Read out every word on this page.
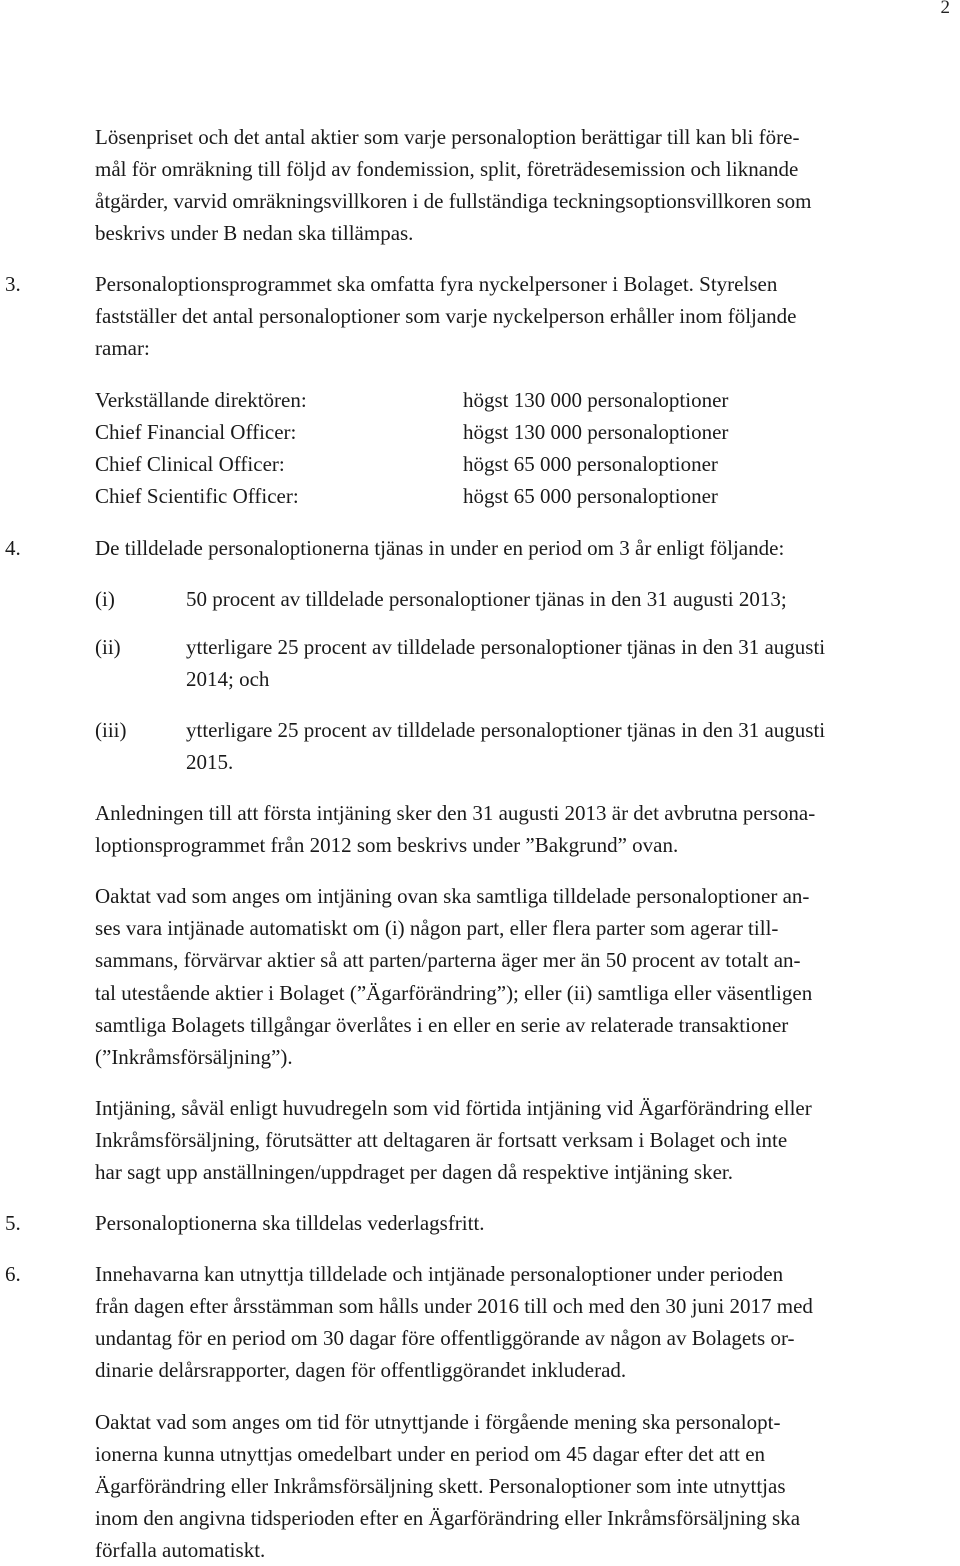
2
Lösenpriset och det antal aktier som varje personaloption berättigar till kan bli före-
mål för omräkning till följd av fondemission, split, företrädesemission och liknande
åtgärder, varvid omräkningsvillkoren i de fullständiga teckningsoptionsvillkoren som
beskrivs under B nedan ska tillämpas.
3.	Personaloptionsprogrammet ska omfatta fyra nyckelpersoner i Bolaget. Styrelsen
fastställer det antal personaloptioner som varje nyckelperson erhåller inom följande
ramar:
Verkställande direktören:	högst 130 000 personaloptioner
Chief Financial Officer:	högst 130 000 personaloptioner
Chief Clinical Officer:	högst 65 000 personaloptioner
Chief Scientific Officer:	högst 65 000 personaloptioner
4.	De tilldelade personaloptionerna tjänas in under en period om 3 år enligt följande:
(i)	50 procent av tilldelade personaloptioner tjänas in den 31 augusti 2013;
(ii)	ytterligare 25 procent av tilldelade personaloptioner tjänas in den 31 augusti
2014; och
(iii)	ytterligare 25 procent av tilldelade personaloptioner tjänas in den 31 augusti
2015.
Anledningen till att första intjäning sker den 31 augusti 2013 är det avbrutna persona-
loptionsprogrammet från 2012 som beskrivs under ”Bakgrund” ovan.
Oaktat vad som anges om intjäning ovan ska samtliga tilldelade personaloptioner an-
ses vara intjänade automatiskt om (i) någon part, eller flera parter som agerar till-
sammans, förvärvar aktier så att parten/parterna äger mer än 50 procent av totalt an-
tal utestående aktier i Bolaget (”Ägarförändring”); eller (ii) samtliga eller väsentligen
samtliga Bolagets tillgångar överlåtes i en eller en serie av relaterade transaktioner
(”Inkråmsförsäljning”).
Intjäning, såväl enligt huvudregeln som vid förtida intjäning vid Ägarförändring eller
Inkråmsförsäljning, förutsätter att deltagaren är fortsatt verksam i Bolaget och inte
har sagt upp anställningen/uppdraget per dagen då respektive intjäning sker.
5.	Personaloptionerna ska tilldelas vederlagsfritt.
6.	Innehavarna kan utnyttja tilldelade och intjänade personaloptioner under perioden
från dagen efter årsstämman som hålls under 2016 till och med den 30 juni 2017 med
undantag för en period om 30 dagar före offentliggörande av någon av Bolagets or-
dinarie delårsrapporter, dagen för offentliggörandet inkluderad.
Oaktat vad som anges om tid för utnyttjande i förgående mening ska personalopt-
ionerna kunna utnyttjas omedelbart under en period om 45 dagar efter det att en
Ägarförändring eller Inkråmsförsäljning skett. Personaloptioner som inte utnyttjas
inom den angivna tidsperioden efter en Ägarförändring eller Inkråmsförsäljning ska
förfalla automatiskt.
